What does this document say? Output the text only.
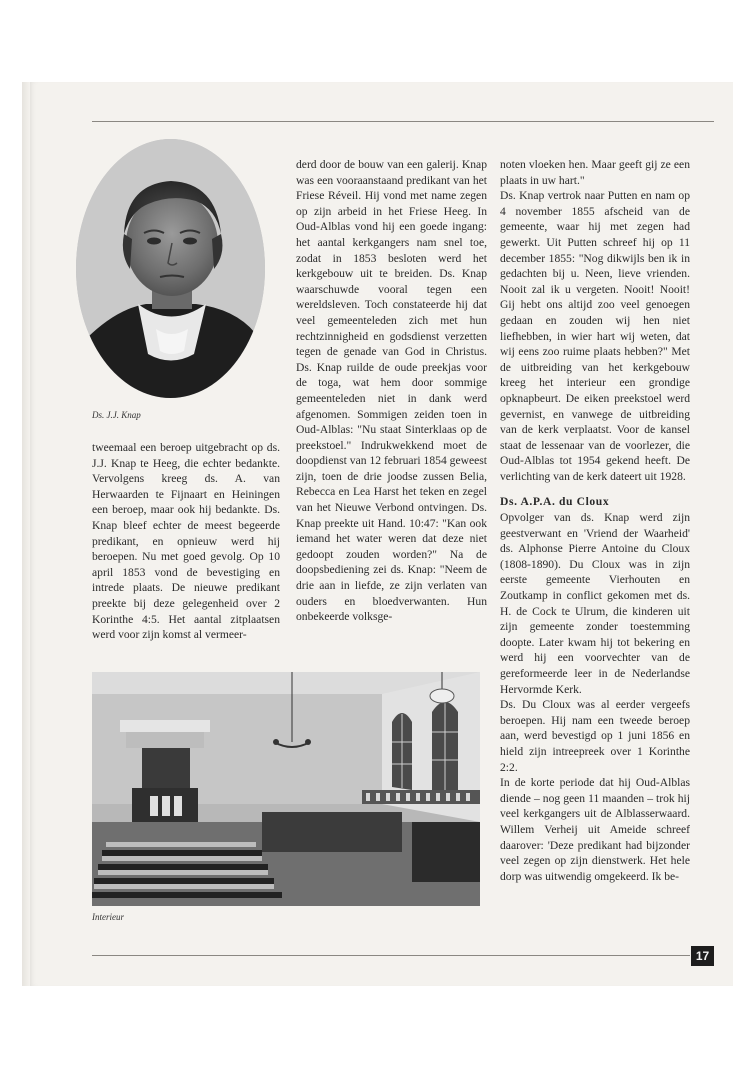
Ds. J.J. Knap

tweemaal een beroep uitgebracht op ds. J.J. Knap te Heeg, die echter bedankte. Vervolgens kreeg ds. A. van Herwaarden te Fijnaart en Heiningen een beroep, maar ook hij bedankte. Ds. Knap bleef echter de meest begeerde predikant, en opnieuw werd hij beroepen. Nu met goed gevolg. Op 10 april 1853 vond de bevestiging en intrede plaats. De nieuwe predikant preekte bij deze gelegenheid over 2 Korinthe 4:5. Het aantal zitplaatsen werd voor zijn komst al vermeer-

derd door de bouw van een galerij. Knap was een vooraanstaand predikant van het Friese Réveil. Hij vond met name zegen op zijn arbeid in het Friese Heeg. In Oud-Alblas vond hij een goede ingang: het aantal kerkgangers nam snel toe, zodat in 1853 besloten werd het kerkgebouw uit te breiden. Ds. Knap waarschuwde vooral tegen een wereldsleven. Toch constateerde hij dat veel gemeenteleden zich met hun rechtzinnigheid en godsdienst verzetten tegen de genade van God in Christus. Ds. Knap ruilde de oude preekjas voor de toga, wat hem door sommige gemeenteleden niet in dank werd afgenomen. Sommigen zeiden toen in Oud-Alblas: "Nu staat Sinterklaas op de preekstoel." Indrukwekkend moet de doopdienst van 12 februari 1854 geweest zijn, toen de drie joodse zussen Belia, Rebecca en Lea Harst het teken en zegel van het Nieuwe Verbond ontvingen. Ds. Knap preekte uit Hand. 10:47: "Kan ook iemand het water weren dat deze niet gedoopt zouden worden?" Na de doopsbediening zei ds. Knap: "Neem de drie aan in liefde, ze zijn verlaten van ouders en bloedverwanten. Hun onbekeerde volksge-

noten vloeken hen. Maar geeft gij ze een plaats in uw hart."

Ds. Knap vertrok naar Putten en nam op 4 november 1855 afscheid van de gemeente, waar hij met zegen had gewerkt. Uit Putten schreef hij op 11 december 1855: "Nog dikwijls ben ik in gedachten bij u. Neen, lieve vrienden. Nooit zal ik u vergeten. Nooit! Nooit! Gij hebt ons altijd zoo veel genoegen gedaan en zouden wij hen niet liefhebben, in wier hart wij weten, dat wij eens zoo ruime plaats hebben?" Met de uitbreiding van het kerkgebouw kreeg het interieur een grondige opknapbeurt. De eiken preekstoel werd gevernist, en vanwege de uitbreiding van de kerk verplaatst. Voor de kansel staat de lessenaar van de voorlezer, die Oud-Alblas tot 1954 gekend heeft. De verlichting van de kerk dateert uit 1928.

Ds. A.P.A. du Cloux

Opvolger van ds. Knap werd zijn geestverwant en 'Vriend der Waarheid' ds. Alphonse Pierre Antoine du Cloux (1808-1890). Du Cloux was in zijn eerste gemeente Vierhouten en Zoutkamp in conflict gekomen met ds. H. de Cock te Ulrum, die kinderen uit zijn gemeente zonder toestemming doopte. Later kwam hij tot bekering en werd hij een voorvechter van de gereformeerde leer in de Nederlandse Hervormde Kerk.

Ds. Du Cloux was al eerder vergeefs beroepen. Hij nam een tweede beroep aan, werd bevestigd op 1 juni 1856 en hield zijn intreepreek over 1 Korinthe 2:2.

In de korte periode dat hij Oud-Alblas diende – nog geen 11 maanden – trok hij veel kerkgangers uit de Alblasserwaard. Willem Verheij uit Ameide schreef daarover: 'Deze predikant had bijzonder veel zegen op zijn dienstwerk. Het hele dorp was uitwendig omgekeerd. Ik be-

Interieur
17
